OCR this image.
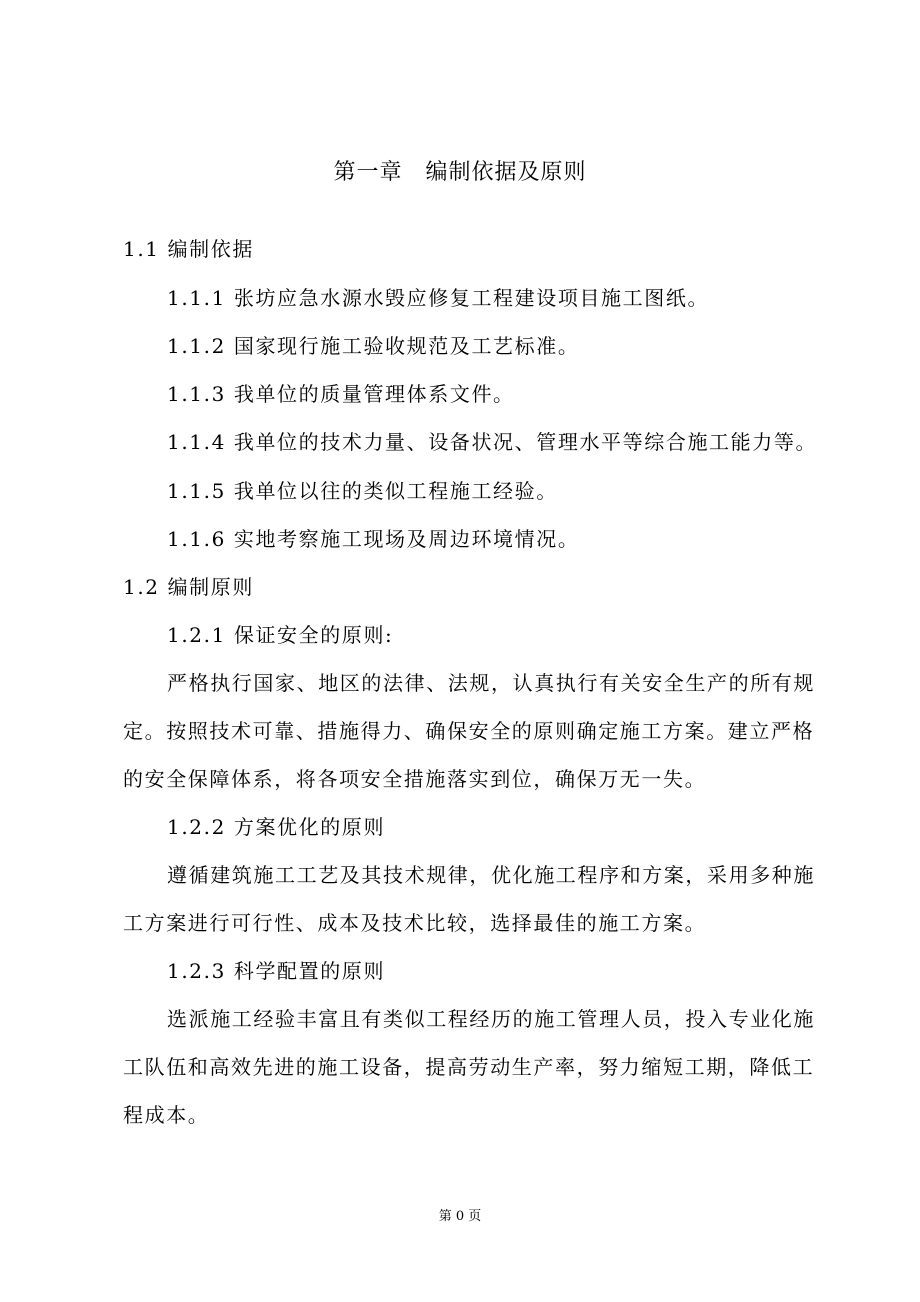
第一章　编制依据及原则
1.1 编制依据
1.1.1 张坊应急水源水毁应修复工程建设项目施工图纸。
1.1.2 国家现行施工验收规范及工艺标准。
1.1.3 我单位的质量管理体系文件。
1.1.4 我单位的技术力量、设备状况、管理水平等综合施工能力等。
1.1.5 我单位以往的类似工程施工经验。
1.1.6 实地考察施工现场及周边环境情况。
1.2 编制原则
1.2.1 保证安全的原则:
严格执行国家、地区的法律、法规，认真执行有关安全生产的所有规
定。按照技术可靠、措施得力、确保安全的原则确定施工方案。建立严格
的安全保障体系，将各项安全措施落实到位，确保万无一失。
1.2.2 方案优化的原则
遵循建筑施工工艺及其技术规律，优化施工程序和方案，采用多种施
工方案进行可行性、成本及技术比较，选择最佳的施工方案。
1.2.3 科学配置的原则
选派施工经验丰富且有类似工程经历的施工管理人员，投入专业化施
工队伍和高效先进的施工设备，提高劳动生产率，努力缩短工期，降低工
程成本。
第 0 页
